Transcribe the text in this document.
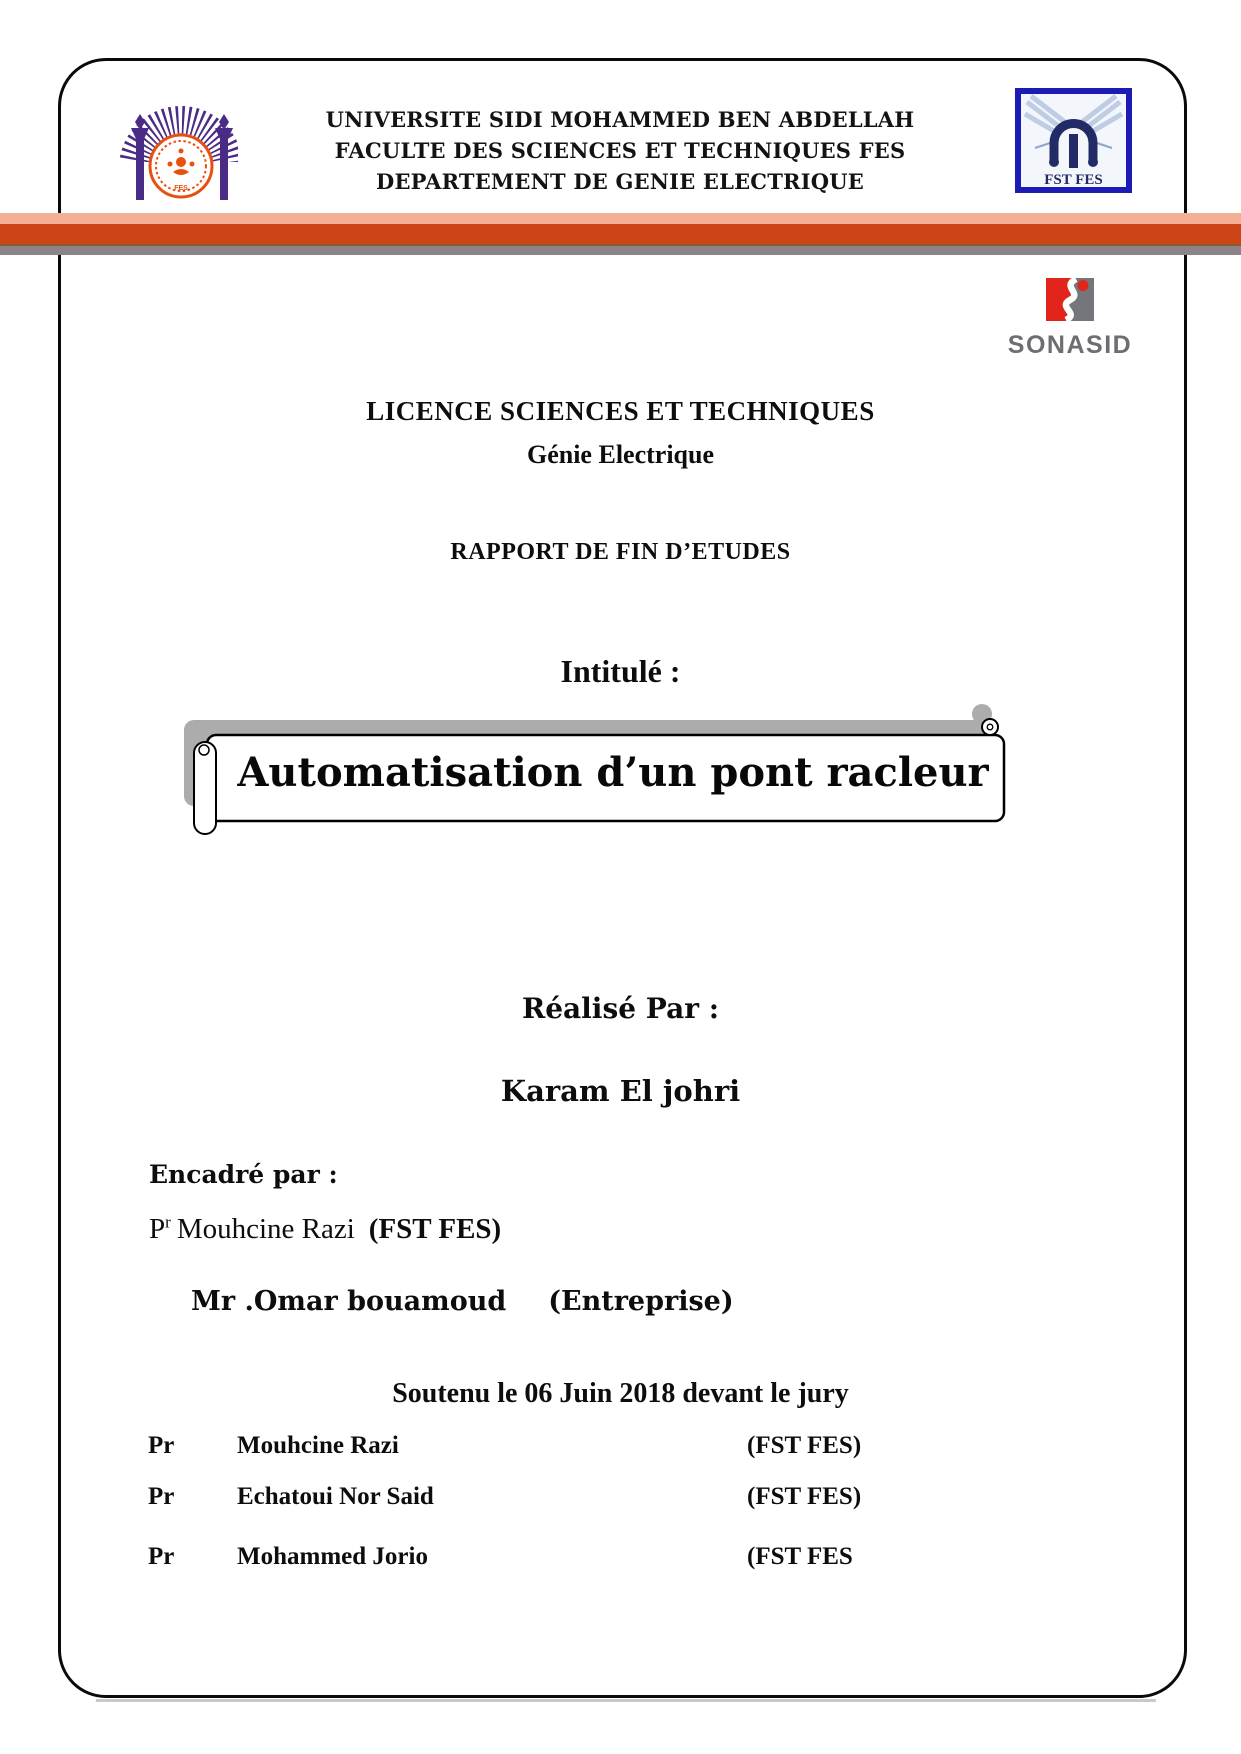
FES
UNIVERSITE SIDI MOHAMMED BEN ABDELLAH
FACULTE DES SCIENCES ET TECHNIQUES FES
DEPARTEMENT DE GENIE ELECTRIQUE	FST FES
SONASID
LICENCE SCIENCES ET TECHNIQUES
Génie Electrique
RAPPORT DE FIN D’ETUDES
Intitulé :
Automatisation d’un pont racleur
Réalisé Par :
Karam El johri
Encadré par :
$P^r$ Mouhcine Razi (FST FES)
Mr .Omar bouamoud (Entreprise)
Soutenu le 06 Juin 2018 devant le jury
Pr	Mouhcine Razi	(FST FES)
Pr	Echatoui Nor Said	(FST FES)
Pr	Mohammed Jorio	(FST FES
